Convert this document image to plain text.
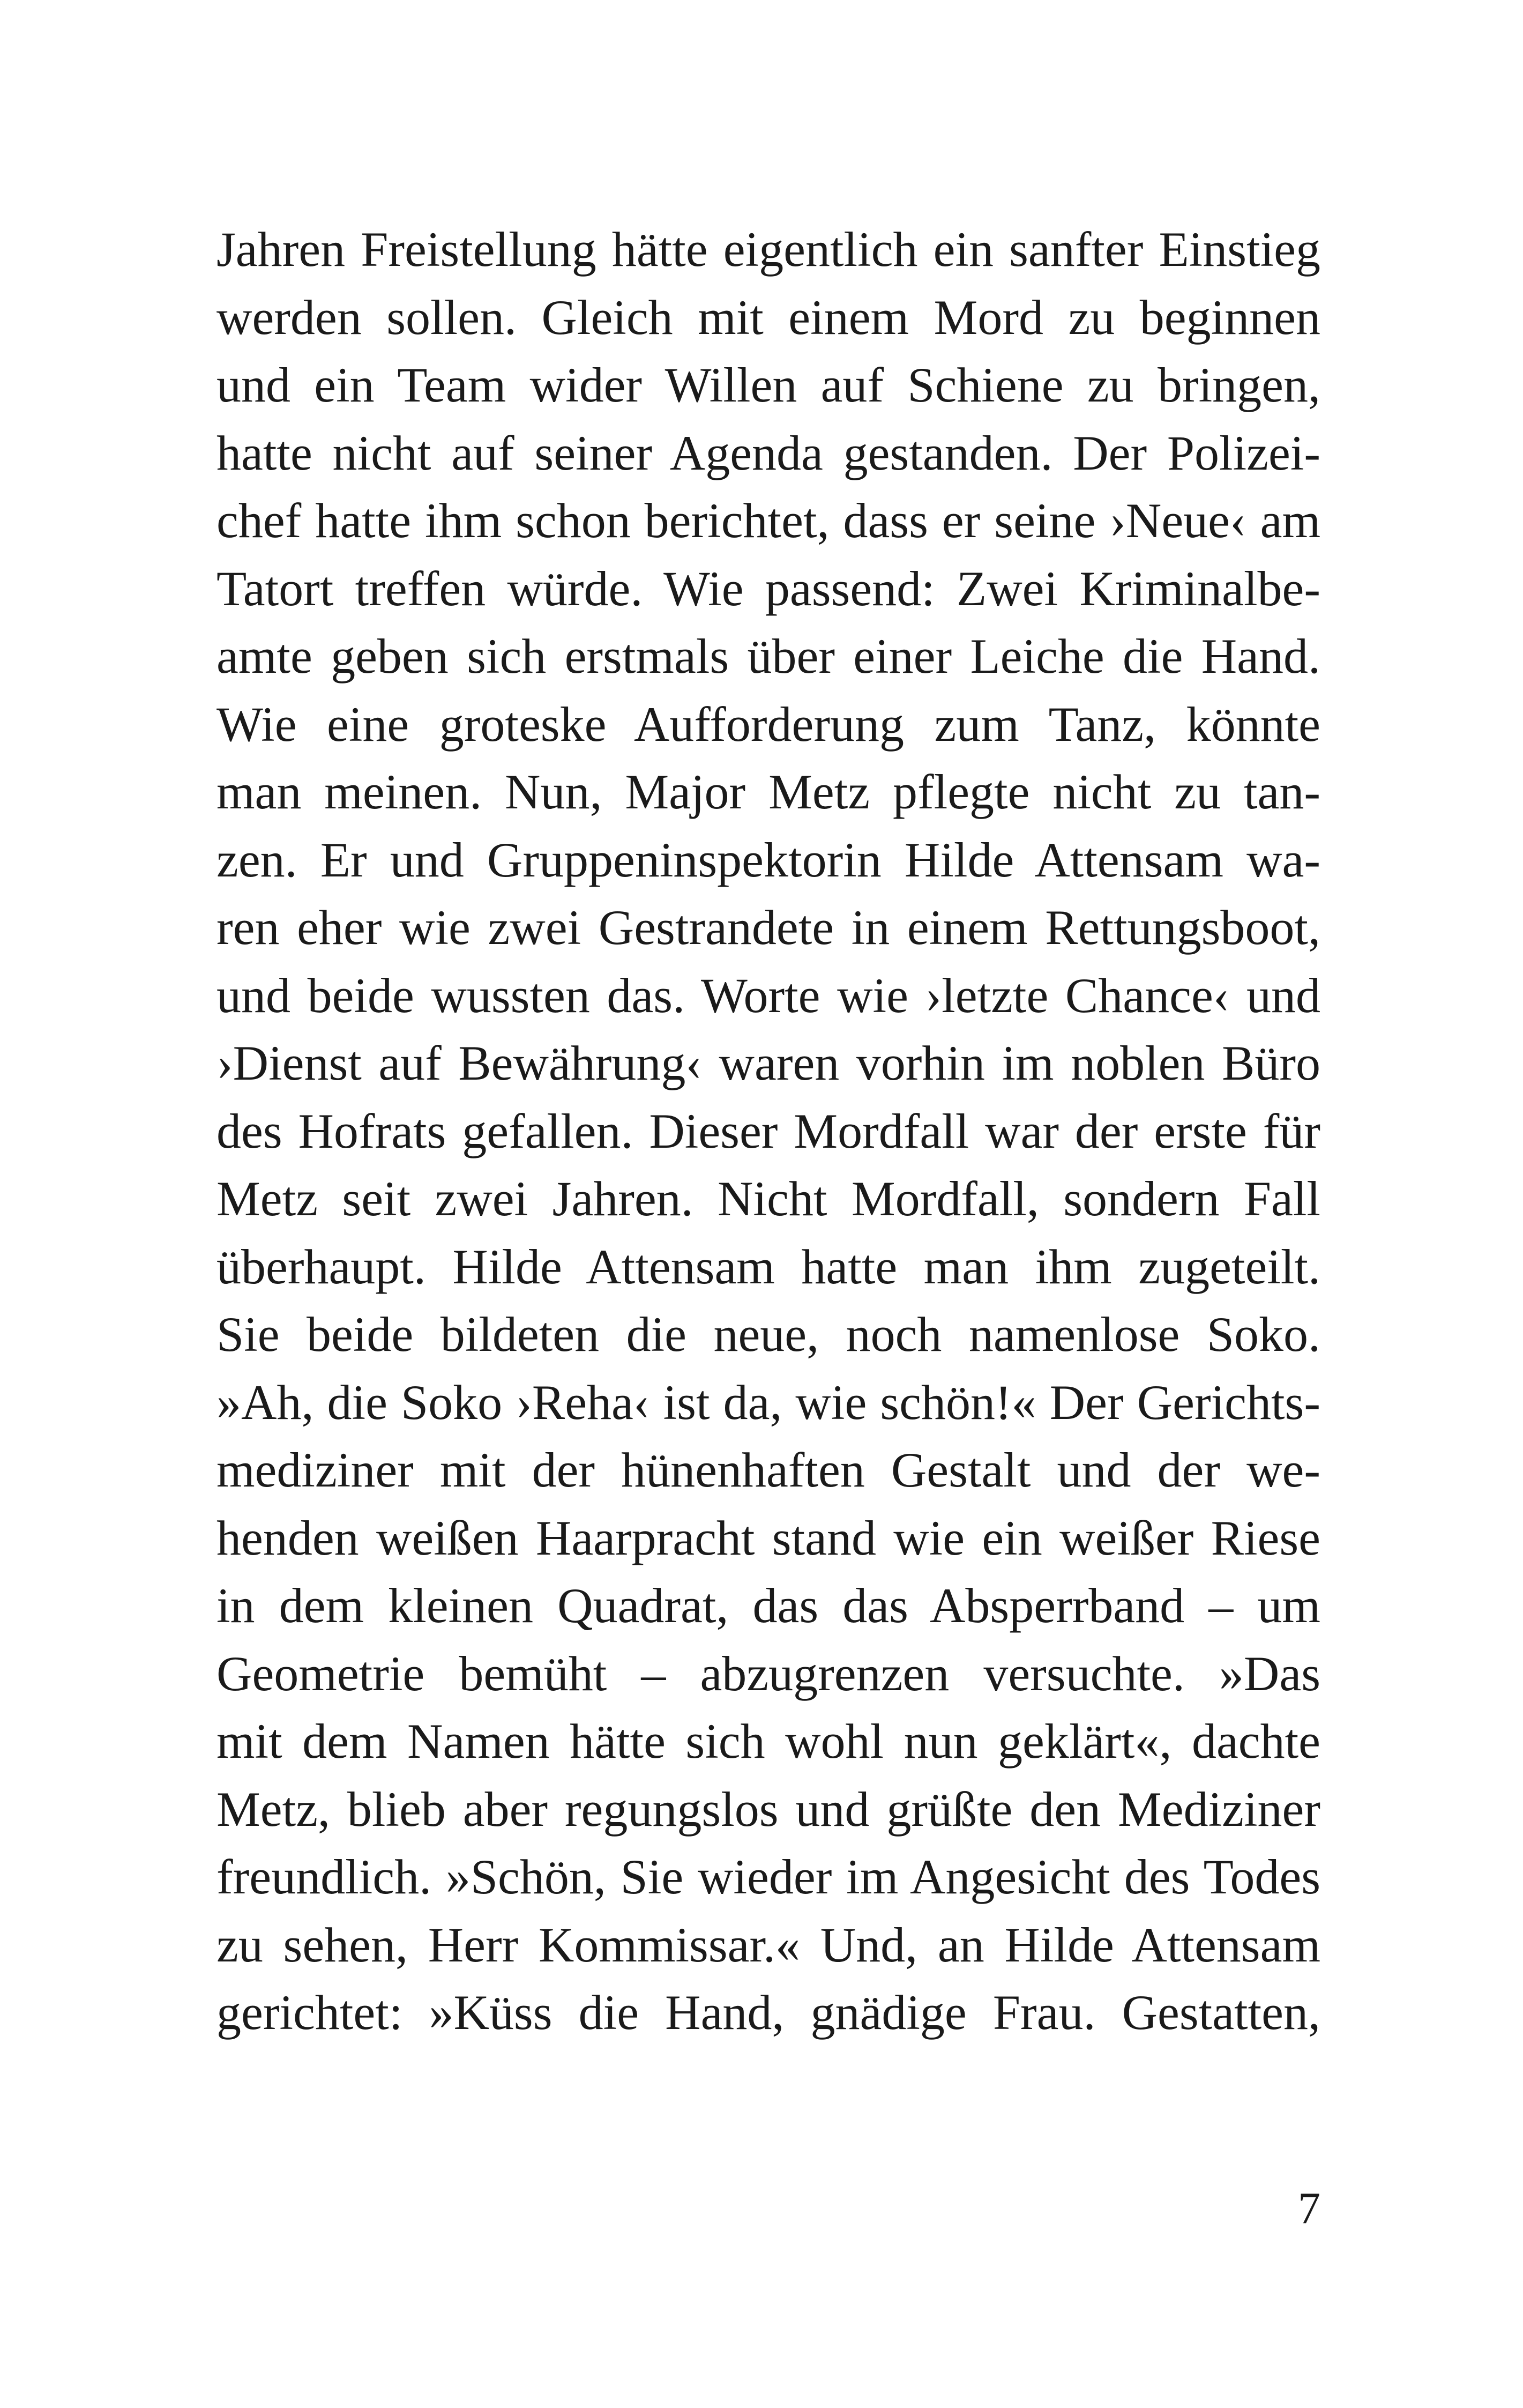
Jahren Freistellung hätte eigentlich ein sanfter Einstieg
werden sollen. Gleich mit einem Mord zu beginnen
und ein Team wider Willen auf Schiene zu bringen,
hatte nicht auf seiner Agenda gestanden. Der Polizei-
chef hatte ihm schon berichtet, dass er seine ›Neue‹ am
Tatort treffen würde. Wie passend: Zwei Kriminalbe-
amte geben sich erstmals über einer Leiche die Hand.
Wie eine groteske Aufforderung zum Tanz, könnte
man meinen. Nun, Major Metz pflegte nicht zu tan-
zen. Er und Gruppeninspektorin Hilde Attensam wa-
ren eher wie zwei Gestrandete in einem Rettungsboot,
und beide wussten das. Worte wie ›letzte Chance‹ und
›Dienst auf Bewährung‹ waren vorhin im noblen Büro
des Hofrats gefallen. Dieser Mordfall war der erste für
Metz seit zwei Jahren. Nicht Mordfall, sondern Fall
überhaupt. Hilde Attensam hatte man ihm zugeteilt.
Sie beide bildeten die neue, noch namenlose Soko.
»Ah, die Soko ›Reha‹ ist da, wie schön!« Der Gerichts-
mediziner mit der hünenhaften Gestalt und der we-
henden weißen Haarpracht stand wie ein weißer Riese
in dem kleinen Quadrat, das das Absperrband – um
Geometrie bemüht – abzugrenzen versuchte. »Das
mit dem Namen hätte sich wohl nun geklärt«, dachte
Metz, blieb aber regungslos und grüßte den Mediziner
freundlich. »Schön, Sie wieder im Angesicht des Todes
zu sehen, Herr Kommissar.« Und, an Hilde Attensam
gerichtet: »Küss die Hand, gnädige Frau. Gestatten,
7
